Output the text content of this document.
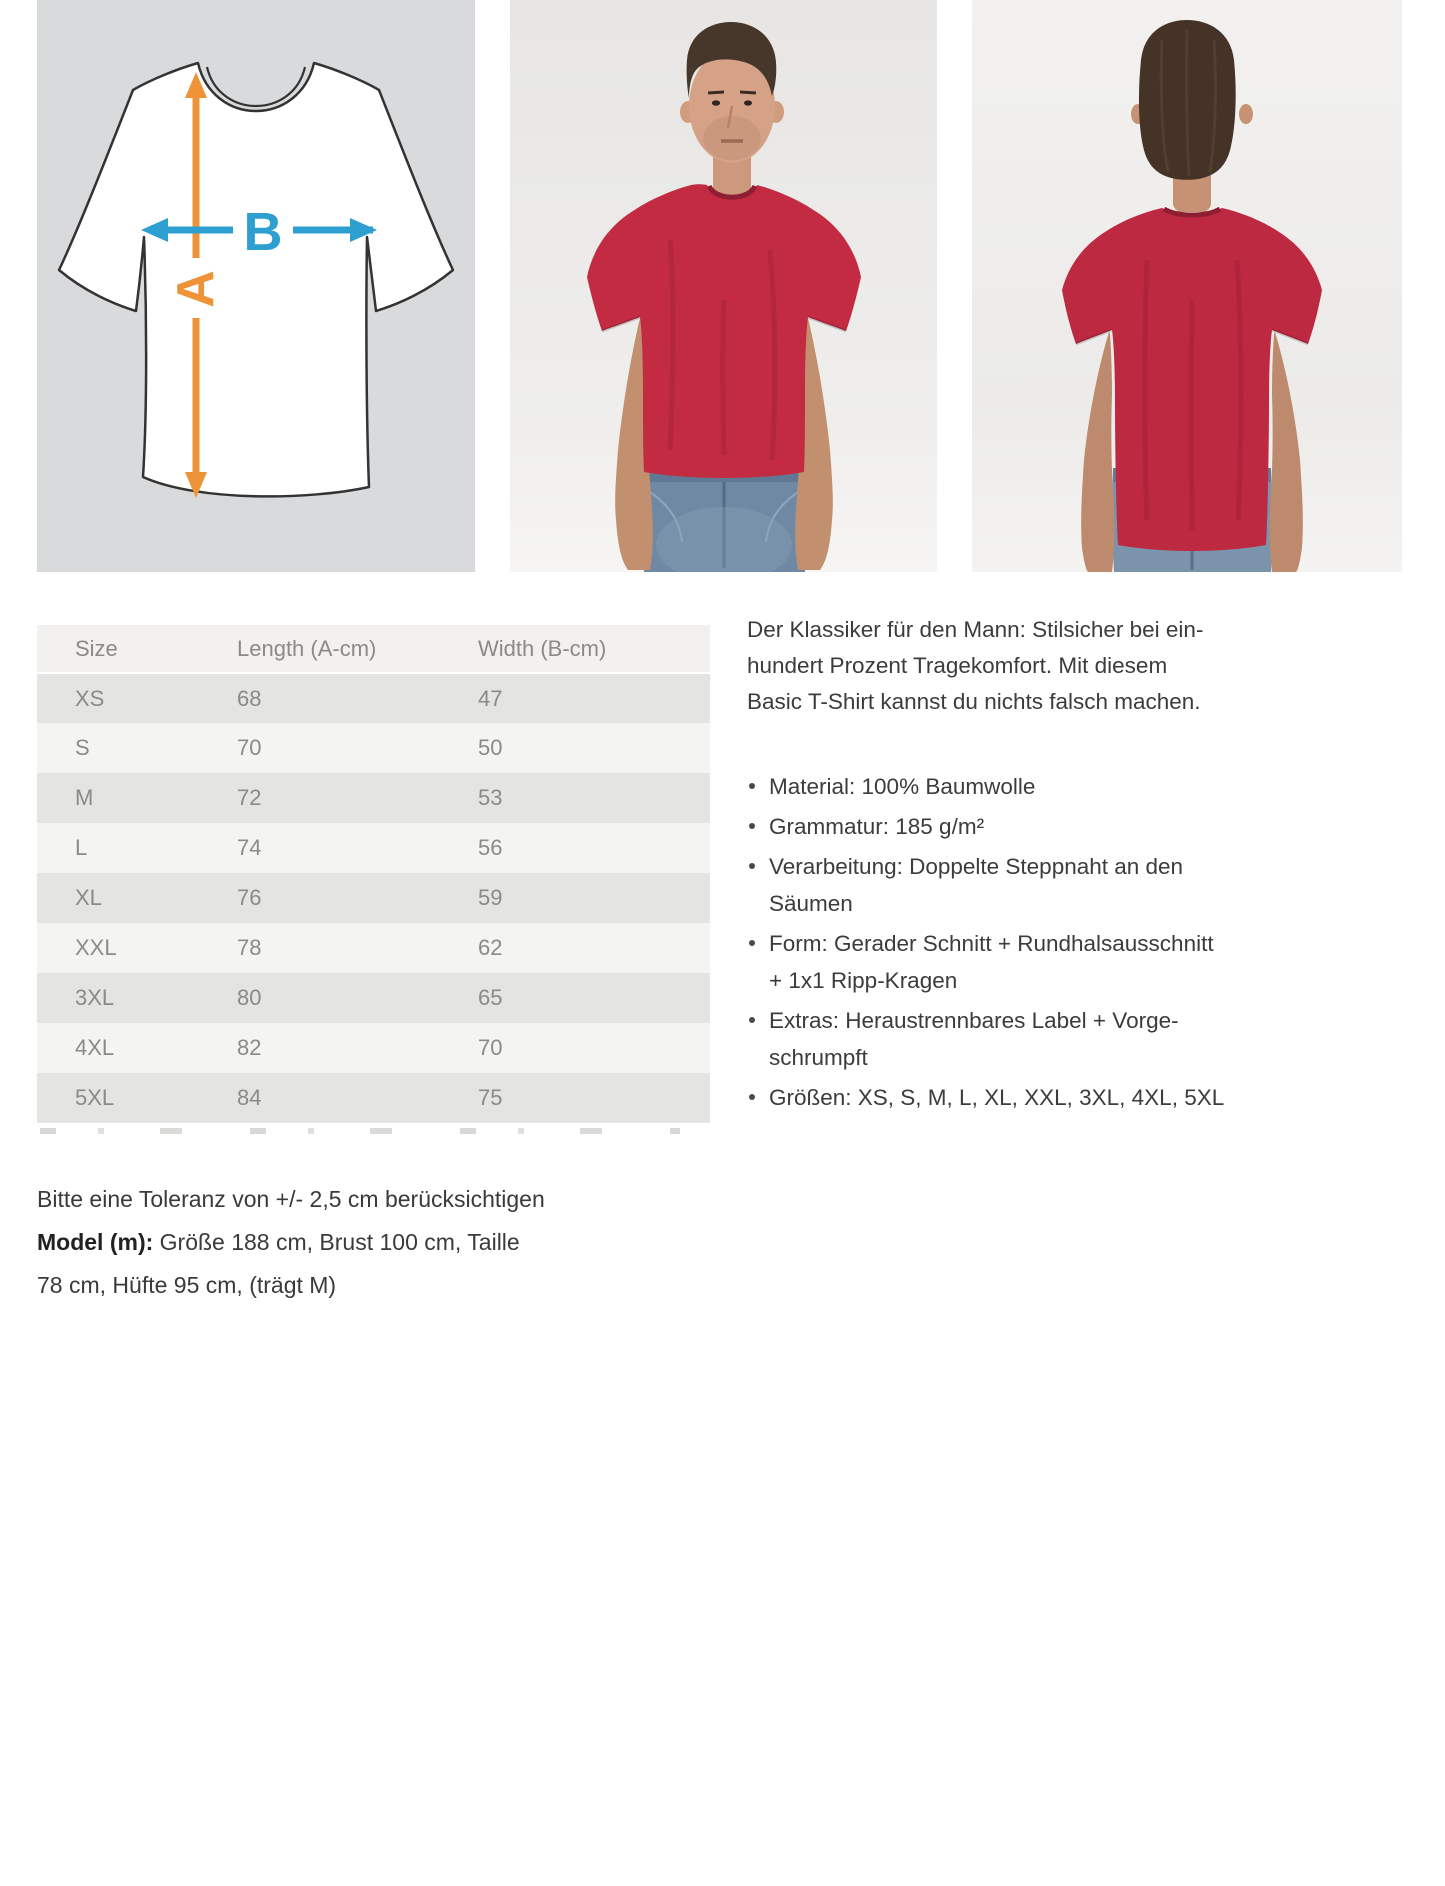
A
B
Size	Length (A-cm)	Width (B-cm)
XS	68	47
S	70	50
M	72	53
L	74	56
XL	76	59
XXL	78	62
3XL	80	65
4XL	82	70
5XL	84	75
Bitte eine Toleranz von +/- 2,5 cm berücksichtigen
Model (m): Größe 188 cm, Brust 100 cm, Taille
78 cm, Hüfte 95 cm, (trägt M)
Der Klassiker für den Mann: Stilsicher bei ein-
hundert Prozent Tragekomfort. Mit diesem
Basic T-Shirt kannst du nichts falsch machen.
Material: 100% Baumwolle
Grammatur: 185 g/m²
Verarbeitung: Doppelte Steppnaht an den
Säumen
Form: Gerader Schnitt + Rundhalsausschnitt
+ 1x1 Ripp-Kragen
Extras: Heraustrennbares Label + Vorge-
schrumpft
Größen: XS, S, M, L, XL, XXL, 3XL, 4XL, 5XL
